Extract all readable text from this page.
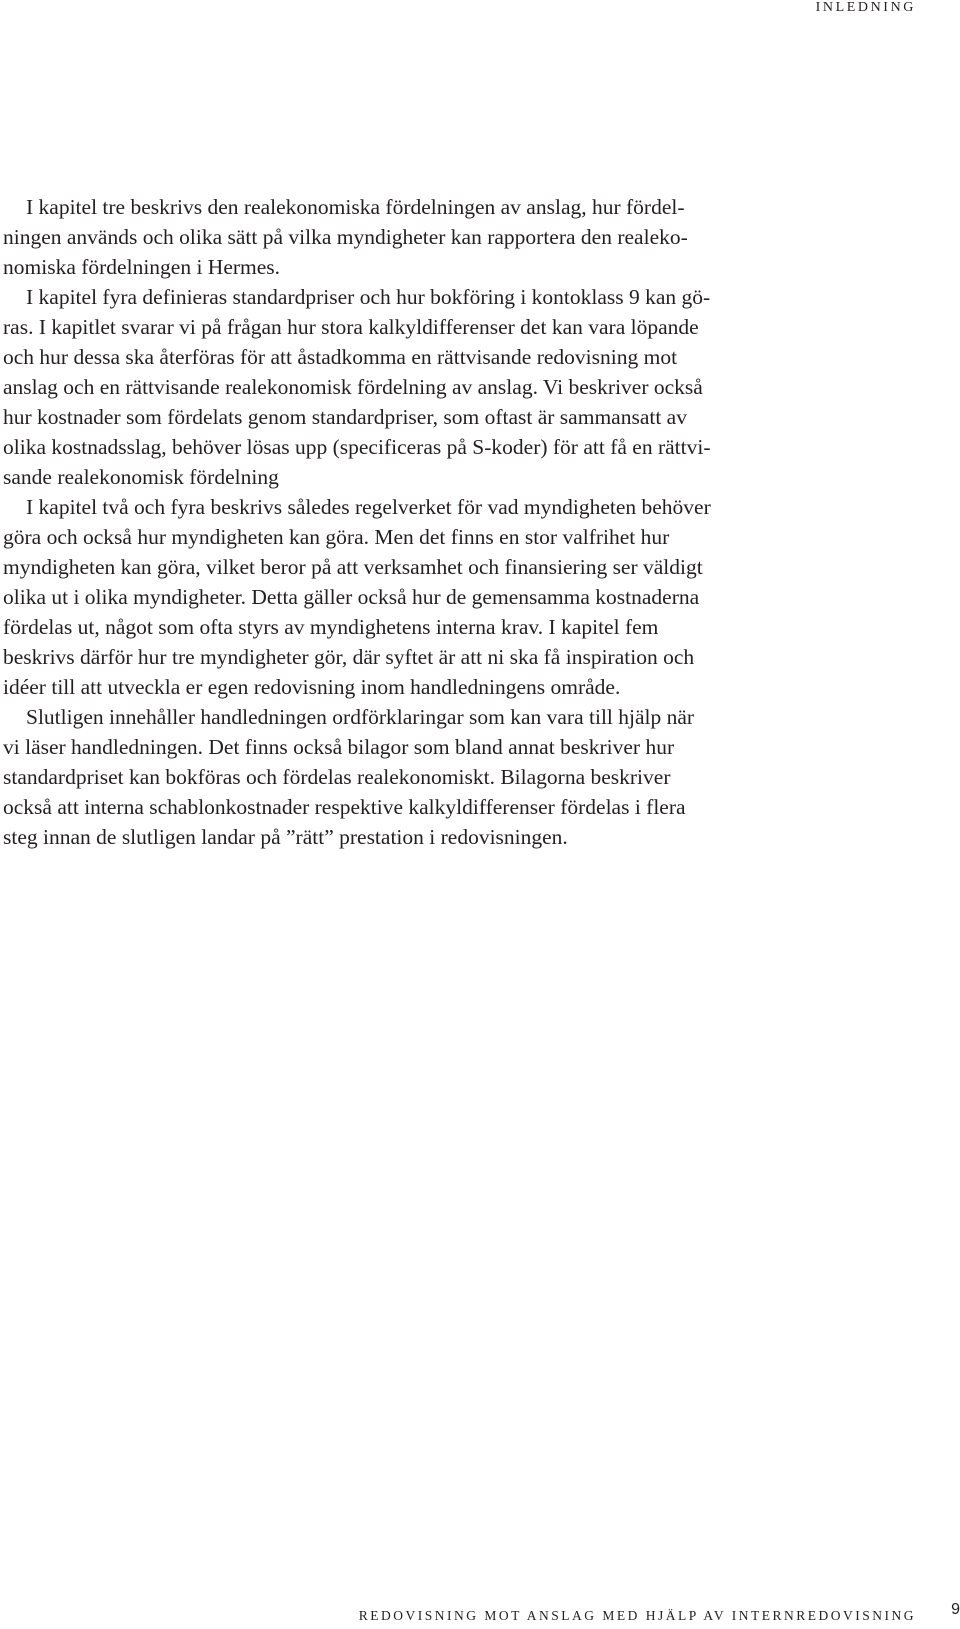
INLEDNING
I kapitel tre beskrivs den realekonomiska fördelningen av anslag, hur fördel-
ningen används och olika sätt på vilka myndigheter kan rapportera den realeko-
nomiska fördelningen i Hermes.
I kapitel fyra definieras standardpriser och hur bokföring i kontoklass 9 kan gö-
ras. I kapitlet svarar vi på frågan hur stora kalkyldifferenser det kan vara löpande
och hur dessa ska återföras för att åstadkomma en rättvisande redovisning mot
anslag och en rättvisande realekonomisk fördelning av anslag. Vi beskriver också
hur kostnader som fördelats genom standardpriser, som oftast är sammansatt av
olika kostnadsslag, behöver lösas upp (specificeras på S-koder) för att få en rättvi-
sande realekonomisk fördelning
I kapitel två och fyra beskrivs således regelverket för vad myndigheten behöver
göra och också hur myndigheten kan göra. Men det finns en stor valfrihet hur
myndigheten kan göra, vilket beror på att verksamhet och finansiering ser väldigt
olika ut i olika myndigheter. Detta gäller också hur de gemensamma kostnaderna
fördelas ut, något som ofta styrs av myndighetens interna krav. I kapitel fem
beskrivs därför hur tre myndigheter gör, där syftet är att ni ska få inspiration och
idéer till att utveckla er egen redovisning inom handledningens område.
Slutligen innehåller handledningen ordförklaringar som kan vara till hjälp när
vi läser handledningen. Det finns också bilagor som bland annat beskriver hur
standardpriset kan bokföras och fördelas realekonomiskt. Bilagorna beskriver
också att interna schablonkostnader respektive kalkyldifferenser fördelas i flera
steg innan de slutligen landar på ”rätt” prestation i redovisningen.
REDOVISNING MOT ANSLAG MED HJÄLP AV INTERNREDOVISNING	9
